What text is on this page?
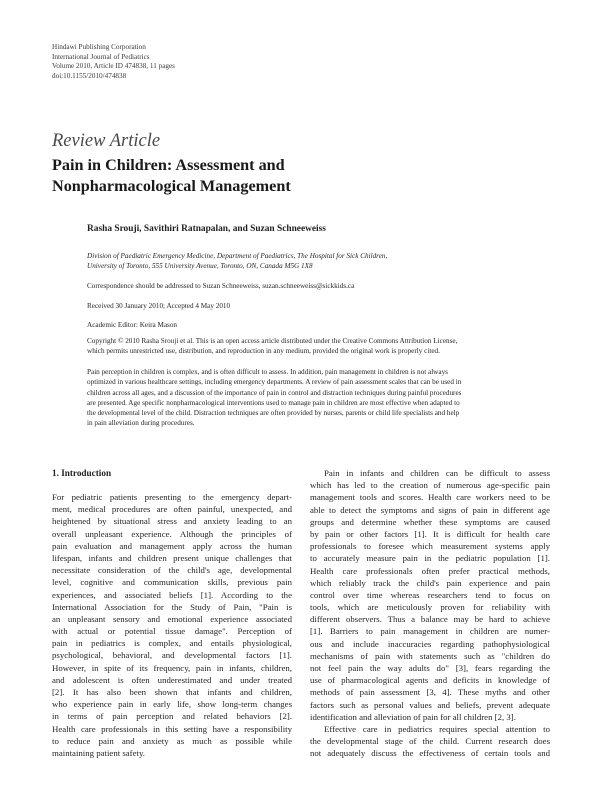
Hindawi Publishing Corporation
International Journal of Pediatrics
Volume 2010, Article ID 474838, 11 pages
doi:10.1155/2010/474838
Review Article
Pain in Children: Assessment and
Nonpharmacological Management
Rasha Srouji, Savithiri Ratnapalan, and Suzan Schneeweiss
Division of Paediatric Emergency Medicine, Department of Paediatrics, The Hospital for Sick Children,
University of Toronto, 555 University Avenue, Toronto, ON, Canada M5G 1X8
Correspondence should be addressed to Suzan Schneeweiss, suzan.schneeweiss@sickkids.ca
Received 30 January 2010; Accepted 4 May 2010
Academic Editor: Keira Mason
Copyright © 2010 Rasha Srouji et al. This is an open access article distributed under the Creative Commons Attribution License,
which permits unrestricted use, distribution, and reproduction in any medium, provided the original work is properly cited.
Pain perception in children is complex, and is often difficult to assess. In addition, pain management in children is not always
optimized in various healthcare settings, including emergency departments. A review of pain assessment scales that can be used in
children across all ages, and a discussion of the importance of pain in control and distraction techniques during painful procedures
are presented. Age specific nonpharmacological interventions used to manage pain in children are most effective when adapted to
the developmental level of the child. Distraction techniques are often provided by nurses, parents or child life specialists and help
in pain alleviation during procedures.
1. Introduction
For pediatric patients presenting to the emergency depart-
ment, medical procedures are often painful, unexpected, and
heightened by situational stress and anxiety leading to an
overall unpleasant experience. Although the principles of
pain evaluation and management apply across the human
lifespan, infants and children present unique challenges that
necessitate consideration of the child's age, developmental
level, cognitive and communication skills, previous pain
experiences, and associated beliefs [1]. According to the
International Association for the Study of Pain, "Pain is
an unpleasant sensory and emotional experience associated
with actual or potential tissue damage". Perception of
pain in pediatrics is complex, and entails physiological,
psychological, behavioral, and developmental factors [1].
However, in spite of its frequency, pain in infants, children,
and adolescent is often underestimated and under treated
[2]. It has also been shown that infants and children,
who experience pain in early life, show long-term changes
in terms of pain perception and related behaviors [2].
Health care professionals in this setting have a responsibility
to reduce pain and anxiety as much as possible while
maintaining patient safety.
Pain in infants and children can be difficult to assess
which has led to the creation of numerous age-specific pain
management tools and scores. Health care workers need to be
able to detect the symptoms and signs of pain in different age
groups and determine whether these symptoms are caused
by pain or other factors [1]. It is difficult for health care
professionals to foresee which measurement systems apply
to accurately measure pain in the pediatric population [1].
Health care professionals often prefer practical methods,
which reliably track the child's pain experience and pain
control over time whereas researchers tend to focus on
tools, which are meticulously proven for reliability with
different observers. Thus a balance may be hard to achieve
[1]. Barriers to pain management in children are numer-
ous and include inaccuracies regarding pathophysiological
mechanisms of pain with statements such as "children do
not feel pain the way adults do" [3], fears regarding the
use of pharmacological agents and deficits in knowledge of
methods of pain assessment [3, 4]. These myths and other
factors such as personal values and beliefs, prevent adequate
identification and alleviation of pain for all children [2, 3].
Effective care in pediatrics requires special attention to
the developmental stage of the child. Current research does
not adequately discuss the effectiveness of certain tools and
